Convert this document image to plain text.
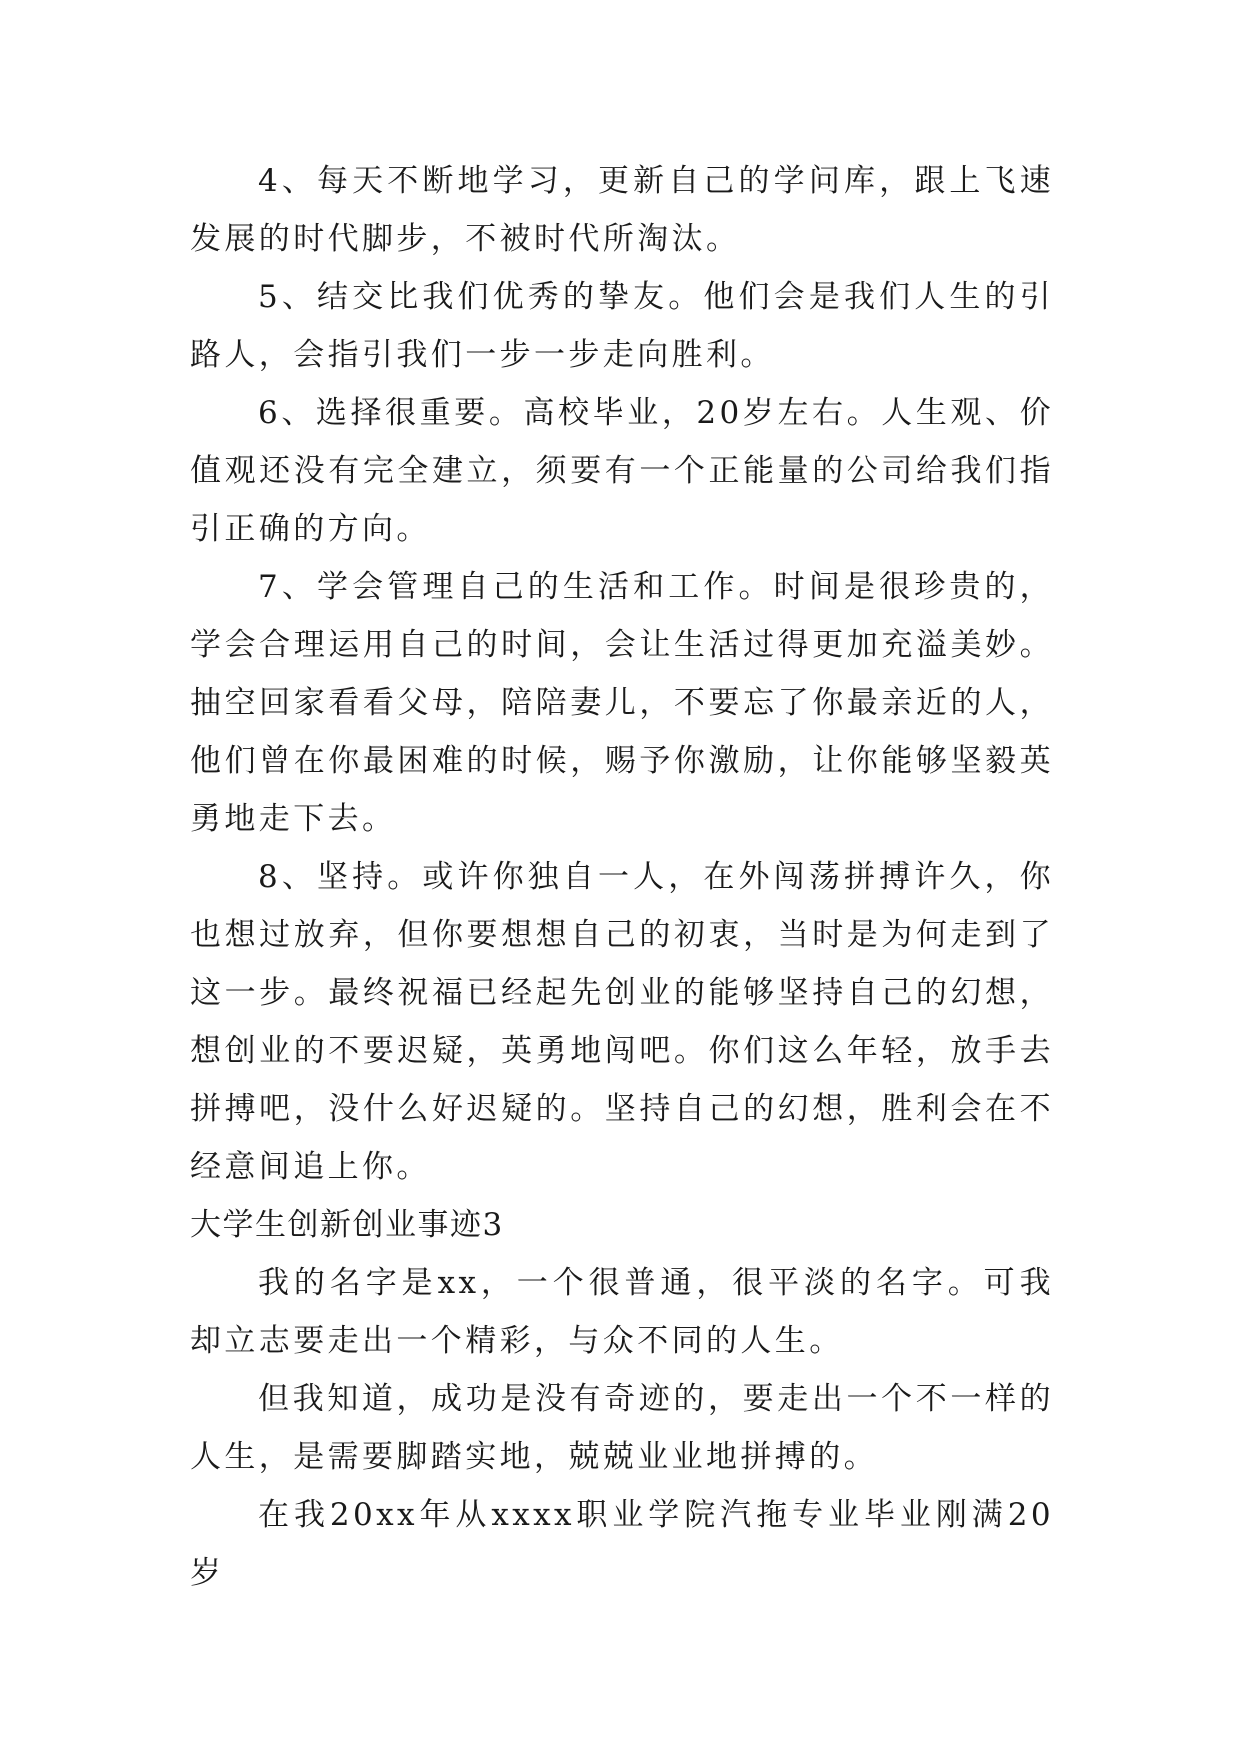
4、每天不断地学习，更新自己的学问库，跟上飞速发展的时代脚步，不被时代所淘汰。

5、结交比我们优秀的挚友。他们会是我们人生的引路人，会指引我们一步一步走向胜利。

6、选择很重要。高校毕业，20岁左右。人生观、价值观还没有完全建立，须要有一个正能量的公司给我们指引正确的方向。

7、学会管理自己的生活和工作。时间是很珍贵的，学会合理运用自己的时间，会让生活过得更加充溢美妙。抽空回家看看父母，陪陪妻儿，不要忘了你最亲近的人，他们曾在你最困难的时候，赐予你激励，让你能够坚毅英勇地走下去。

8、坚持。或许你独自一人，在外闯荡拼搏许久，你也想过放弃，但你要想想自己的初衷，当时是为何走到了这一步。最终祝福已经起先创业的能够坚持自己的幻想，想创业的不要迟疑，英勇地闯吧。你们这么年轻，放手去拼搏吧，没什么好迟疑的。坚持自己的幻想，胜利会在不经意间追上你。

大学生创新创业事迹3

我的名字是xx，一个很普通，很平淡的名字。可我却立志要走出一个精彩，与众不同的人生。

但我知道，成功是没有奇迹的，要走出一个不一样的人生，是需要脚踏实地，兢兢业业地拼搏的。

在我20xx年从xxxx职业学院汽拖专业毕业刚满20岁
